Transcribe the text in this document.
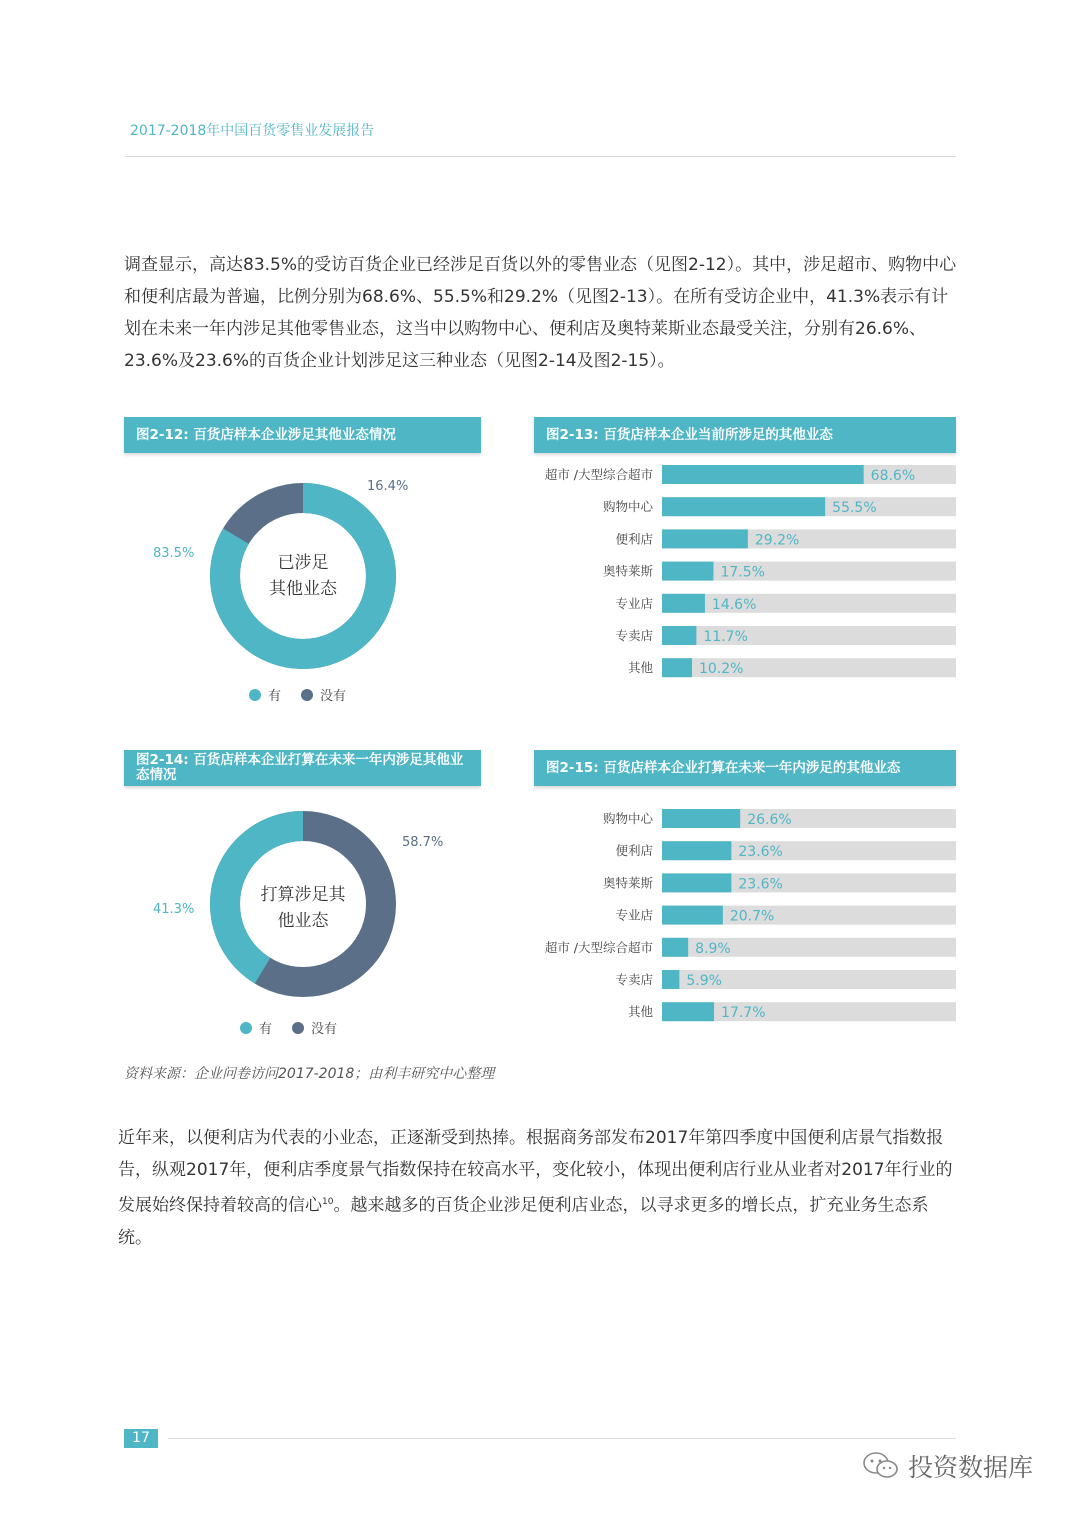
2017-2018年中国百货零售业发展报告

调查显示，高达83.5%的受访百货企业已经涉足百货以外的零售业态（见图2-12）。其中，涉足超市、购物中心和便利店最为普遍，比例分别为68.6%、55.5%和29.2%（见图2-13）。在所有受访企业中，41.3%表示有计划在未来一年内涉足其他零售业态，这当中以购物中心、便利店及奥特莱斯业态最受关注，分别有26.6%、23.6%及23.6%的百货企业计划涉足这三种业态（见图2-14及图2-15）。

图2-12: 百货店样本企业涉足其他业态情况
已涉足
其他业态
83.5%
16.4%
有	没有
图2-13: 百货店样本企业当前所涉足的其他业态
超市 /大型综合超市	68.6%
购物中心	55.5%
便利店	29.2%
奥特莱斯	17.5%
专业店	14.6%
专卖店	11.7%
其他	10.2%
图2-14: 百货店样本企业打算在未来一年内涉足其他业态情况
打算涉足其
他业态
41.3%
58.7%
有	没有
图2-15: 百货店样本企业打算在未来一年内涉足的其他业态
购物中心	26.6%
便利店	23.6%
奥特莱斯	23.6%
专业店	20.7%
超市 /大型综合超市	8.9%
专卖店 5.9%
其他	17.7%
资料来源：企业问卷访问2017-2018；由利丰研究中心整理

近年来，以便利店为代表的小业态，正逐渐受到热捧。根据商务部发布2017年第四季度中国便利店景气指数报告，纵观2017年，便利店季度景气指数保持在较高水平，变化较小，体现出便利店行业从业者对2017年行业的发展始终保持着较高的信心$^{10}$。越来越多的百货企业涉足便利店业态，以寻求更多的增长点，扩充业务生态系统。

17
投资数据库
